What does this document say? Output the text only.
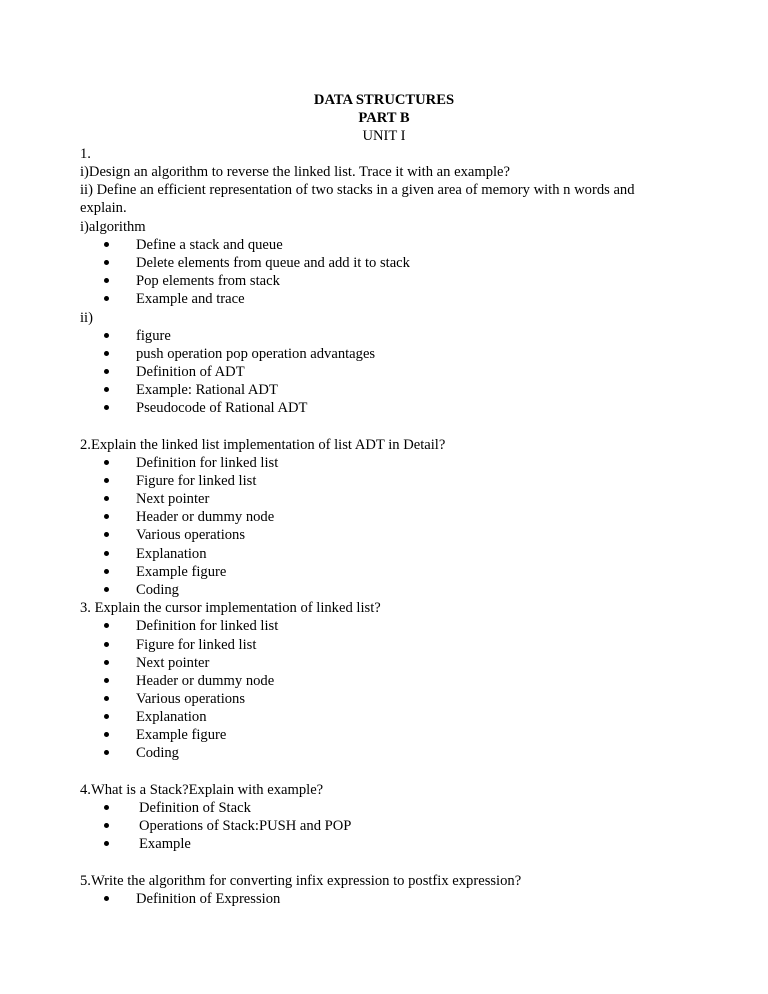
DATA STRUCTURES
PART B
UNIT I
1.
i)Design an algorithm to reverse the linked list. Trace it with an example?
ii) Define an efficient representation of two stacks in a given area of memory with n words and
explain.
i)algorithm
Define a stack and queue
Delete elements from queue and add it to stack
Pop elements from stack
Example and trace
ii)
figure
push operation pop operation advantages
Definition of ADT
Example: Rational ADT
Pseudocode of Rational ADT
2.Explain the linked list implementation of list ADT in Detail?
Definition for linked list
Figure for linked list
Next pointer
Header or dummy node
Various operations
Explanation
Example figure
Coding
3. Explain the cursor implementation of linked list?
Definition for linked list
Figure for linked list
Next pointer
Header or dummy node
Various operations
Explanation
Example figure
Coding
4.What is a Stack?Explain with example?
Definition of Stack
Operations of Stack:PUSH and POP
Example
5.Write the algorithm for converting infix expression to postfix expression?
Definition of Expression
